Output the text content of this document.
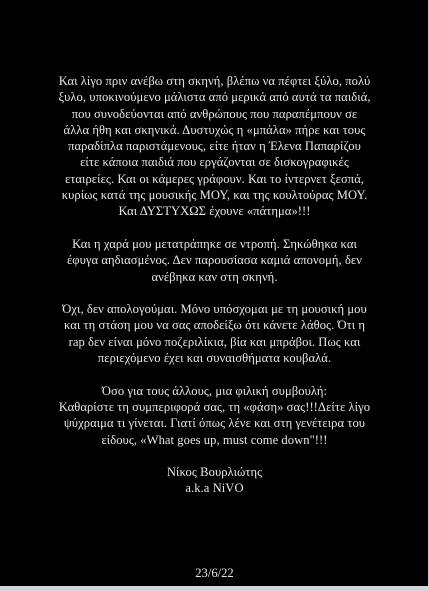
Και λίγο πριν ανέβω στη σκηνή, βλέπω να πέφτει ξύλο, πολύ
ξυλο, υποκινούμενο μάλιστα από μερικά από αυτά τα παιδιά,
που συνοδεύονται από ανθρώπους που παραπέμπουν σε
άλλα ήθη και σκηνικά. Δυστυχώς η «μπάλα» πήρε και τους
παραδίπλα παριστάμενους, είτε ήταν η Έλενα Παπαρίζου
είτε κάποια παιδιά που εργάζονται σε δισκογραφικές
εταιρείες. Και οι κάμερες γράφουν. Και το ίντερνετ ξεσπά,
κυρίως κατά της μουσικής ΜΟΥ, και της κουλτούρας ΜΟΥ.
Και ΔΥΣΤΥΧΩΣ έχουνε «πάτημα»!!!

Και η χαρά μου μετατράπηκε σε ντροπή. Σηκώθηκα και
έφυγα αηδιασμένος. Δεν παρουσίασα καμιά απονομή, δεν
ανέβηκα καν στη σκηνή.

Όχι, δεν απολογούμαι. Μόνο υπόσχομαι με τη μουσική μου
και τη στάση μου να σας αποδείξω ότι κάνετε λάθος. Ότι η
rap δεν είναι μόνο ποζεριλίκια, βία και μπράβοι. Πως και
περιεχόμενο έχει και συναισθήματα κουβαλά.

Όσο για τους άλλους, μια φιλική συμβουλή:
Καθαρίστε τη συμπεριφορά σας, τη «φάση» σας!!!Δείτε λίγο
ψύχραιμα τι γίνεται. Γιατί όπως λένε και στη γενέτειρα του
είδους, «What goes up, must come down"!!!

Νίκος Βουρλιώτης
a.k.a NiVO
23/6/22
